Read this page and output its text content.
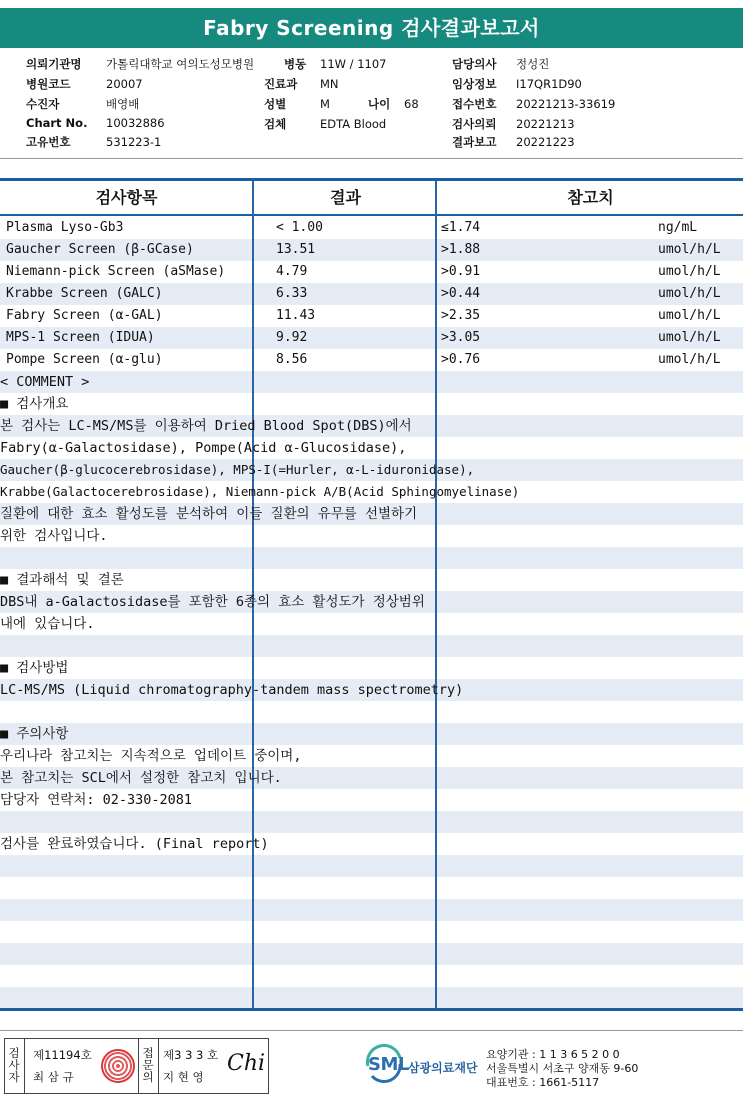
Fabry Screening 검사결과보고서
의뢰기관명 가톨릭대학교 여의도성모병원
병원코드	20007
수진자	배영배
Chart No. 10032886
고유번호	531223-1
병동 11W / 1107
진료과 MN
성별	M	나이 68
검체	EDTA Blood
담당의사 정성진
임상정보 I17QR1D90
접수번호 20221213-33619
검사의뢰 20221213
결과보고 20221223
검사항목	결과	참고치
Plasma Lyso-Gb3	< 1.00	≤1.74	ng/mL
Gaucher Screen (β-GCase)	13.51	>1.88	umol/h/L
Niemann-pick Screen (aSMase)	4.79	>0.91	umol/h/L
Krabbe Screen (GALC)	6.33	>0.44	umol/h/L
Fabry Screen (α-GAL)	11.43	>2.35	umol/h/L
MPS-1 Screen (IDUA)	9.92	>3.05	umol/h/L
Pompe Screen (α-glu)	8.56	>0.76	umol/h/L
< COMMENT >
■ 검사개요
본 검사는 LC-MS/MS를 이용하여 Dried Blood Spot(DBS)에서
Fabry(α-Galactosidase), Pompe(Acid α-Glucosidase),
Gaucher(β-glucocerebrosidase), MPS-I(=Hurler, α-L-iduronidase),
Krabbe(Galactocerebrosidase), Niemann-pick A/B(Acid Sphingomyelinase)
질환에 대한 효소 활성도를 분석하여 이들 질환의 유무를 선별하기
위한 검사입니다.
■ 결과해석 및 결론
DBS내 a-Galactosidase를 포함한 6종의 효소 활성도가 정상범위
내에 있습니다.
■ 검사방법
LC-MS/MS (Liquid chromatography-tandem mass spectrometry)
■ 주의사항
우리나라 참고치는 지속적으로 업데이트 중이며,
본 참고치는 SCL에서 설정한 참고치 입니다.
담당자 연락처: 02-330-2081
검사를 완료하였습니다. (Final report)
검
사
자
제11194호
최 삼 규
접
문
의
제3 3 3 호
지 현 영
Chi	SML 삼광의료재단
요양기관 : 1 1 3 6 5 2 0 0
서울특별시 서초구 양재동 9-60
대표번호 : 1661-5117
